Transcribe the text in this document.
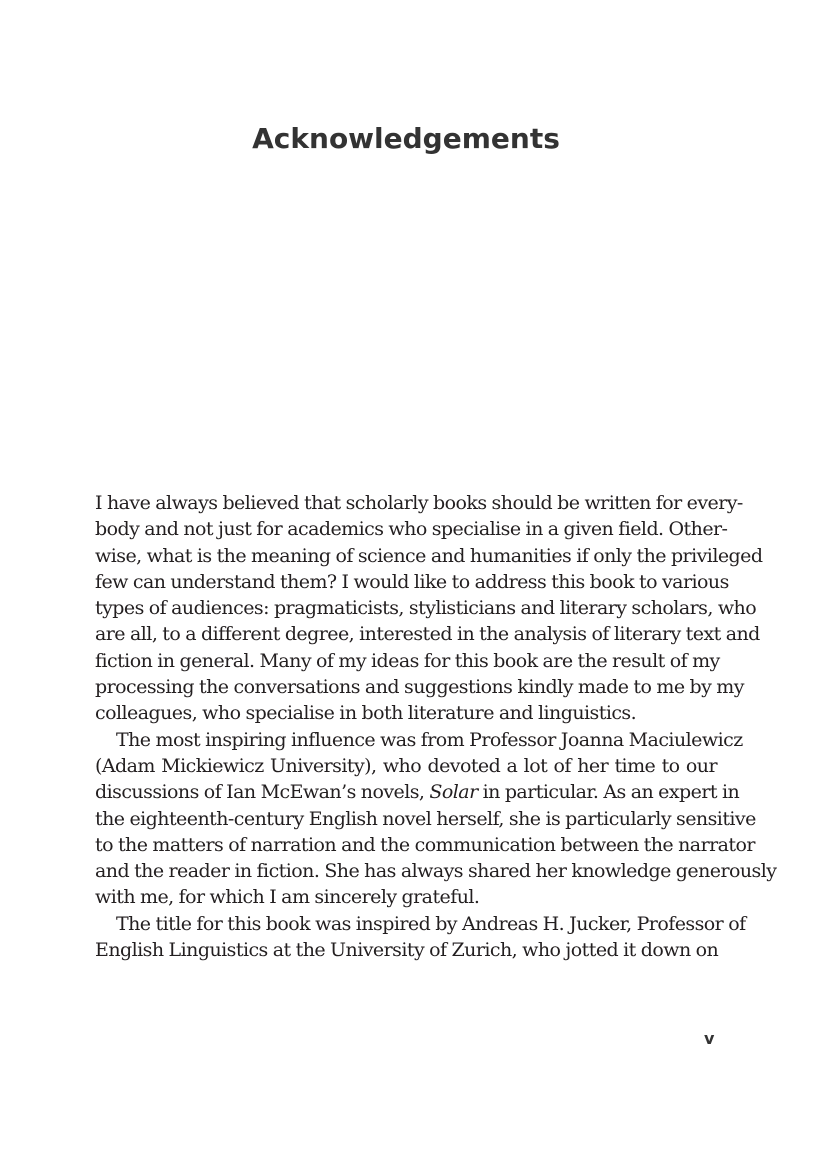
Acknowledgements

I have always believed that scholarly books should be written for every-
body and not just for academics who specialise in a given field. Other-
wise, what is the meaning of science and humanities if only the privileged
few can understand them? I would like to address this book to various
types of audiences: pragmaticists, stylisticians and literary scholars, who
are all, to a different degree, interested in the analysis of literary text and
fiction in general. Many of my ideas for this book are the result of my
processing the conversations and suggestions kindly made to me by my
colleagues, who specialise in both literature and linguistics.

The most inspiring influence was from Professor Joanna Maciulewicz
(Adam Mickiewicz University), who devoted a lot of her time to our
discussions of Ian McEwan’s novels, Solar in particular. As an expert in
the eighteenth-century English novel herself, she is particularly sensitive
to the matters of narration and the communication between the narrator
and the reader in fiction. She has always shared her knowledge generously
with me, for which I am sincerely grateful.

The title for this book was inspired by Andreas H. Jucker, Professor of
English Linguistics at the University of Zurich, who jotted it down on

v
